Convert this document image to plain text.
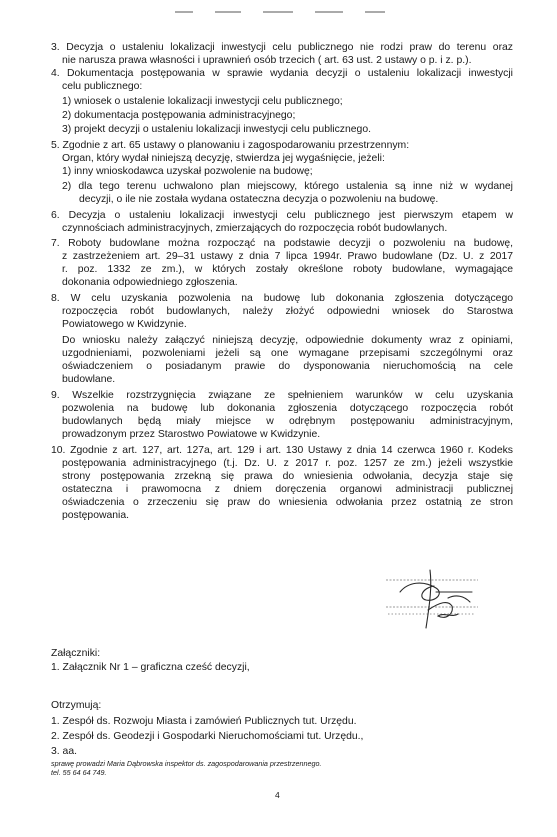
3. Decyzja o ustaleniu lokalizacji inwestycji celu publicznego nie rodzi praw do terenu oraz
nie narusza prawa własności i uprawnień osób trzecich ( art. 63 ust. 2 ustawy o p. i z. p.).
4. Dokumentacja postępowania w sprawie wydania decyzji o ustaleniu lokalizacji inwestycji
celu publicznego:
1) wniosek o ustalenie lokalizacji inwestycji celu publicznego;
2) dokumentacja postępowania administracyjnego;
3) projekt decyzji o ustaleniu lokalizacji inwestycji celu publicznego.
5. Zgodnie z art. 65 ustawy o planowaniu i zagospodarowaniu przestrzennym:
Organ, który wydał niniejszą decyzję, stwierdza jej wygaśnięcie, jeżeli:
1) inny wnioskodawca uzyskał pozwolenie na budowę;
2) dla tego terenu uchwalono plan miejscowy, którego ustalenia są inne niż w wydanej
decyzji, o ile nie została wydana ostateczna decyzja o pozwoleniu na budowę.
6. Decyzja o ustaleniu lokalizacji inwestycji celu publicznego jest pierwszym etapem w
czynnościach administracyjnych, zmierzających do rozpoczęcia robót budowlanych.
7. Roboty budowlane można rozpocząć na podstawie decyzji o pozwoleniu na budowę,
z zastrzeżeniem art. 29–31 ustawy z dnia 7 lipca 1994r. Prawo budowlane (Dz. U. z 2017
r. poz. 1332 ze zm.), w których zostały określone roboty budowlane, wymagające
dokonania odpowiedniego zgłoszenia.
8. W celu uzyskania pozwolenia na budowę lub dokonania zgłoszenia dotyczącego
rozpoczęcia robót budowlanych, należy złożyć odpowiedni wniosek do Starostwa
Powiatowego w Kwidzynie.
Do wniosku należy załączyć niniejszą decyzję, odpowiednie dokumenty wraz z opiniami,
uzgodnieniami, pozwoleniami jeżeli są one wymagane przepisami szczególnymi oraz
oświadczeniem o posiadanym prawie do dysponowania nieruchomością na cele
budowlane.
9. Wszelkie rozstrzygnięcia związane ze spełnieniem warunków w celu uzyskania
pozwolenia na budowę lub dokonania zgłoszenia dotyczącego rozpoczęcia robót
budowlanych będą miały miejsce w odrębnym postępowaniu administracyjnym,
prowadzonym przez Starostwo Powiatowe w Kwidzynie.
10. Zgodnie z art. 127, art. 127a, art. 129 i art. 130 Ustawy z dnia 14 czerwca 1960 r. Kodeks
postępowania administracyjnego (t.j. Dz. U. z 2017 r. poz. 1257 ze zm.) jeżeli wszystkie
strony postępowania zrzekną się prawa do wniesienia odwołania, decyzja staje się
ostateczna i prawomocna z dniem doręczenia organowi administracji publicznej
oświadczenia o zrzeczeniu się praw do wniesienia odwołania przez ostatnią ze stron
postępowania.
Załączniki:
1. Załącznik Nr 1 – graficzna cześć decyzji,
Otrzymują:
1. Zespół ds. Rozwoju Miasta i zamówień Publicznych tut. Urzędu.
2. Zespół ds. Geodezji i Gospodarki Nieruchomościami tut. Urzędu.,
3. aa.
sprawę prowadzi Maria Dąbrowska inspektor ds. zagospodarowania przestrzennego.
tel. 55 64 64 749.
4
